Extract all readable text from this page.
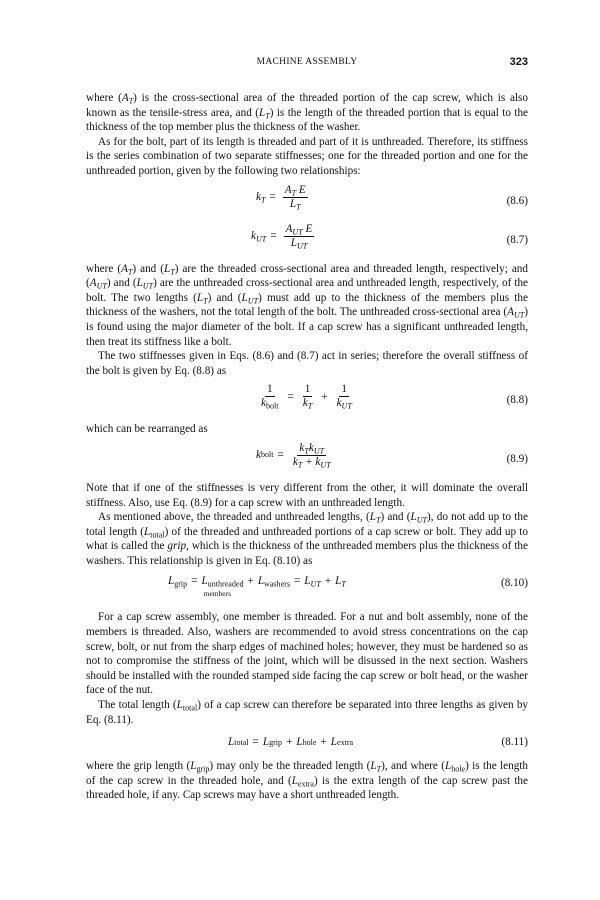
MACHINE ASSEMBLY	323

where $(A_T)$ is the cross-sectional area of the threaded portion of the cap screw, which is also known as the tensile-stress area, and $(L_T)$ is the length of the threaded portion that is equal to the thickness of the top member plus the thickness of the washer.

As for the bolt, part of its length is threaded and part of it is unthreaded. Therefore, its stiffness is the series combination of two separate stiffnesses; one for the threaded portion and one for the unthreaded portion, given by the following two relationships:

$k_T = \frac{A_T E}{L_T}$	(8.6)
$k_{UT} = \frac{A_{UT} E}{L_{UT}}$	(8.7)

where $(A_T)$ and $(L_T)$ are the threaded cross-sectional area and threaded length, respectively; and $(A_{UT})$ and $(L_{UT})$ are the unthreaded cross-sectional area and unthreaded length, respectively, of the bolt. The two lengths $(L_T)$ and $(L_{UT})$ must add up to the thickness of the members plus the thickness of the washers, not the total length of the bolt. The unthreaded cross-sectional area $(A_{UT})$ is found using the major diameter of the bolt. If a cap screw has a significant unthreaded length, then treat its stiffness like a bolt.

The two stiffnesses given in Eqs. (8.6) and (8.7) act in series; therefore the overall stiffness of the bolt is given by Eq. (8.8) as

$\frac{1}{k_{bolt}} = \frac{1}{k_T} + \frac{1}{k_{UT}}$	(8.8)

which can be rearranged as

k bolt = $\frac{k_Tk_{UT}}{k_T + k_{UT}}$	(8.9)

Note that if one of the stiffnesses is very different from the other, it will dominate the overall stiffness. Also, use Eq. (8.9) for a cap screw with an unthreaded length.

As mentioned above, the threaded and unthreaded lengths, $(L_T)$ and $(L_{UT})$, do not add up to the total length $(L_{total})$ of the threaded and unthreaded portions of a cap screw or bolt. They add up to what is called the grip, which is the thickness of the unthreaded members plus the thickness of the washers. This relationship is given in Eq. (8.10) as

$L_{grip} = L_{unthreaded}$
members
+ $L_{washers} = L_{UT} + L_T$	(8.10)

For a cap screw assembly, one member is threaded. For a nut and bolt assembly, none of the members is threaded. Also, washers are recommended to avoid stress concentrations on the cap screw, bolt, or nut from the sharp edges of machined holes; however, they must be hardened so as not to compromise the stiffness of the joint, which will be disussed in the next section. Washers should be installed with the rounded stamped side facing the cap screw or bolt head, or the washer face of the nut.

The total length $(L_{total})$ of a cap screw can therefore be separated into three lengths as given by Eq. (8.11).

L total = L grip + L hole + L extra	(8.11)

where the grip length $(L_{grip})$ may only be the threaded length $(L_T)$, and where $(L_{hole})$ is the length of the cap screw in the threaded hole, and $(L_{extra})$ is the extra length of the cap screw past the threaded hole, if any. Cap screws may have a short unthreaded length.
